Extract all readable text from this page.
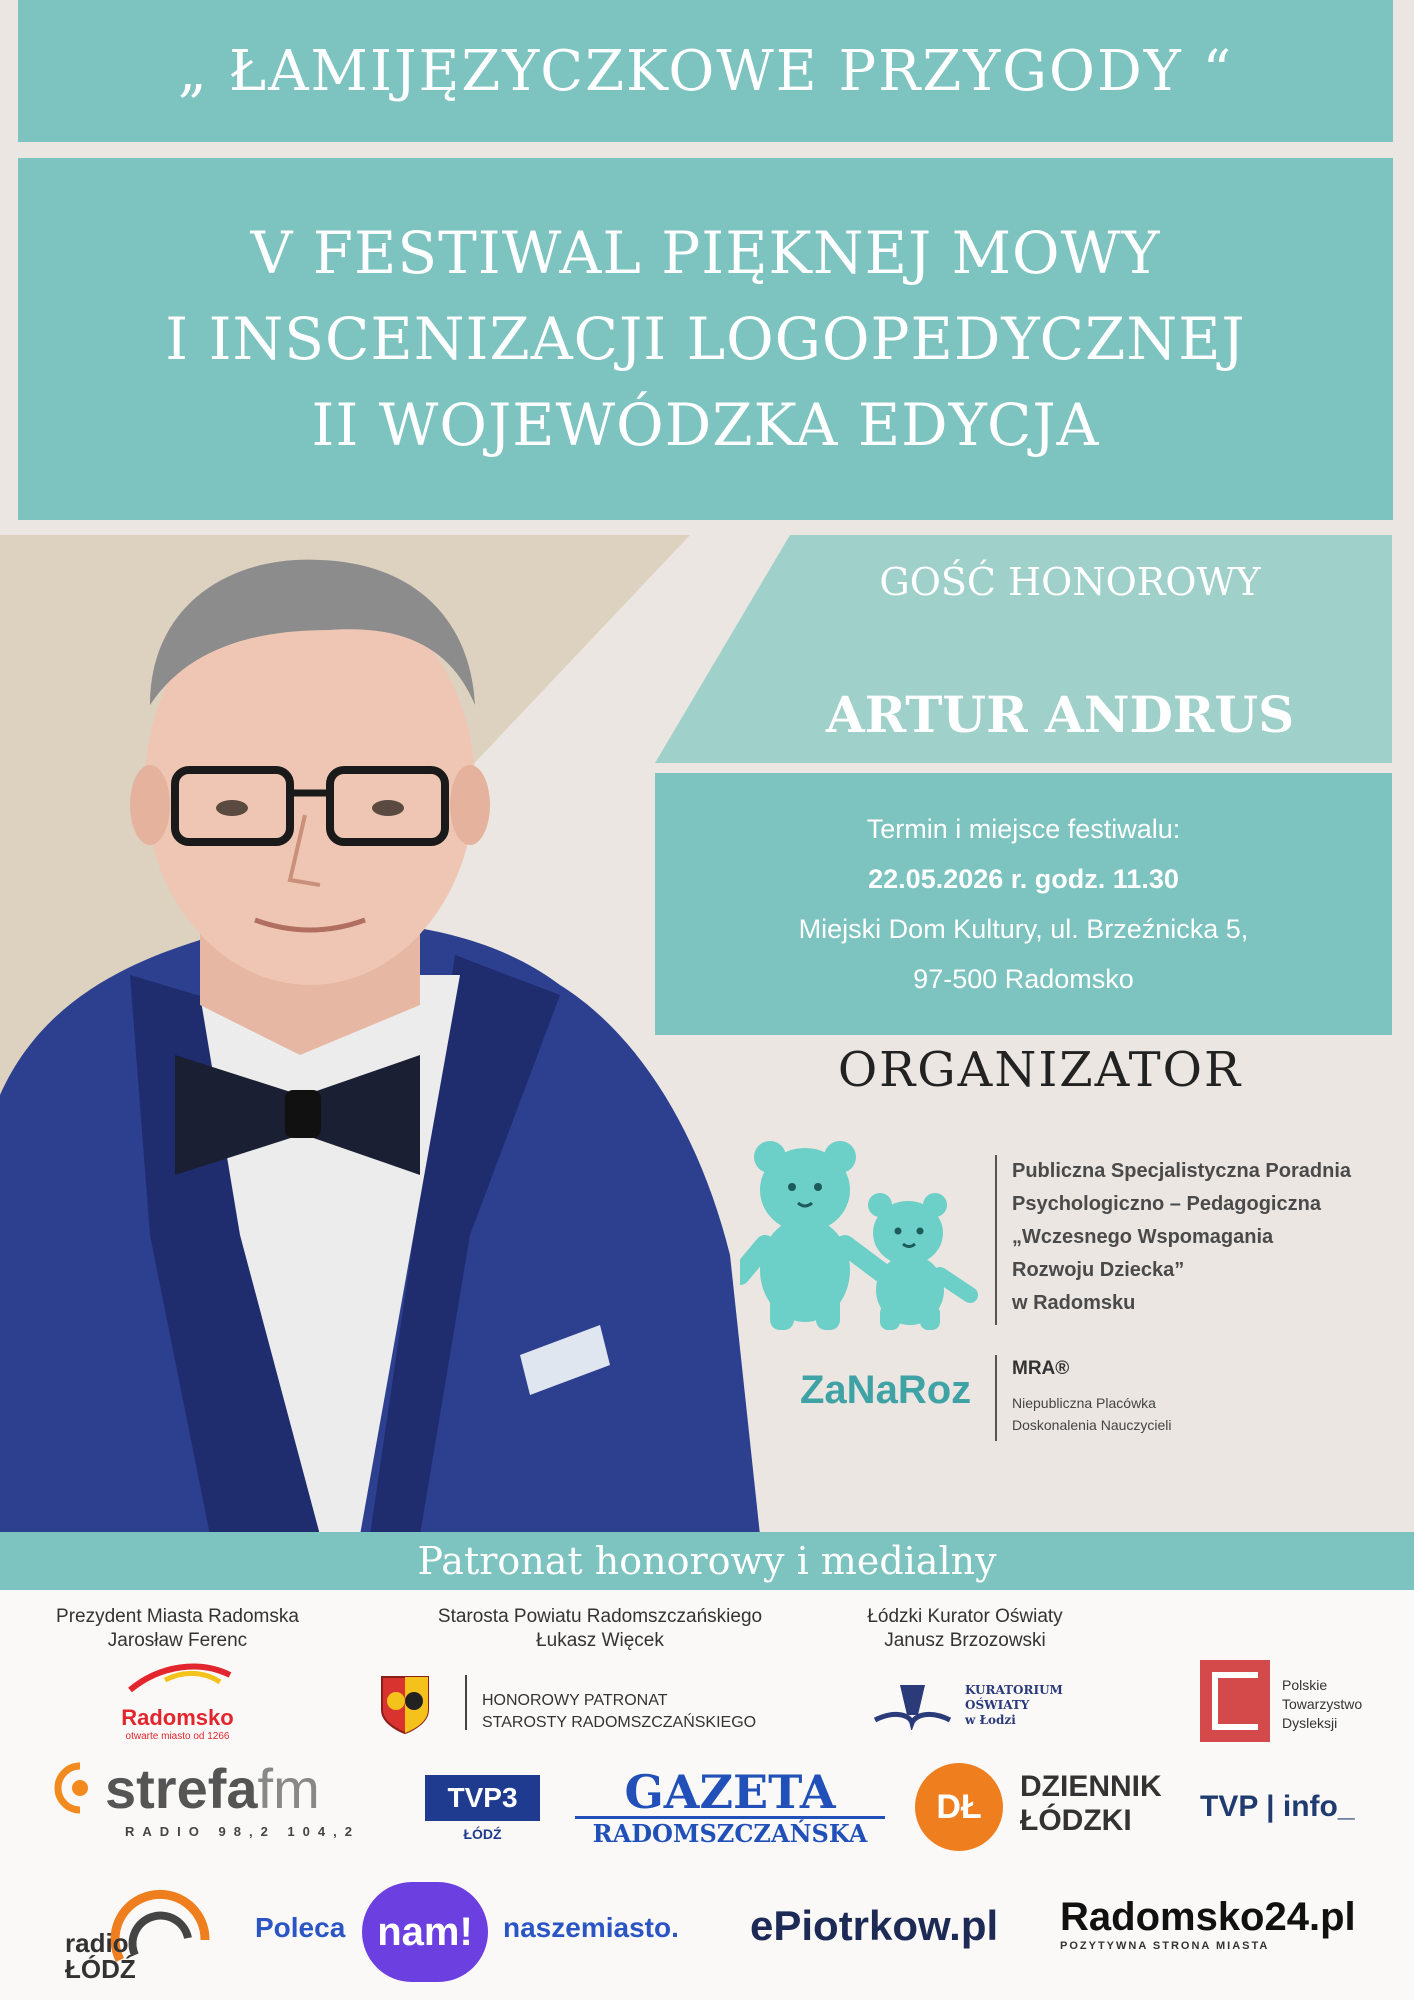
„ ŁAMIJĘZYCZKOWE PRZYGODY “
V FESTIWAL PIĘKNEJ MOWY
I INSCENIZACJI LOGOPEDYCZNEJ
II WOJEWÓDZKA EDYCJA
GOŚĆ HONOROWY
ARTUR ANDRUS
Termin i miejsce festiwalu:
22.05.2026 r. godz. 11.30
Miejski Dom Kultury, ul. Brzeźnicka 5,
97-500 Radomsko
ORGANIZATOR
Publiczna Specjalistyczna Poradnia
Psychologiczno – Pedagogiczna
„Wczesnego Wspomagania
Rozwoju Dziecka”
w Radomsku
ZaNaRoz MRA®
Niepubliczna Placówka
Doskonalenia Nauczycieli
Patronat honorowy i medialny
Prezydent Miasta Radomska
Jarosław Ferenc
Starosta Powiatu Radomszczańskiego
Łukasz Więcek
Łódzki Kurator Oświaty
Janusz Brzozowski
Radomsko
otwarte miasto od 1266
HONOROWY PATRONAT
STAROSTY RADOMSZCZAŃSKIEGO
KURATORIUM
OŚWIATY
w Łodzi
Polskie
Towarzystwo
Dysleksji
strefafm
RADIO 98,2 104,2
TVP3
ŁÓDŹ
GAZETA
RADOMSZCZAŃSKA
DŁ
DZIENNIK
ŁÓDZKI	TVP | info_
radio
ŁÓDŹ
Poleca nam!	naszemiasto. ePiotrkow.pl Radomsko24.pl
POZYTYWNA STRONA MIASTA
